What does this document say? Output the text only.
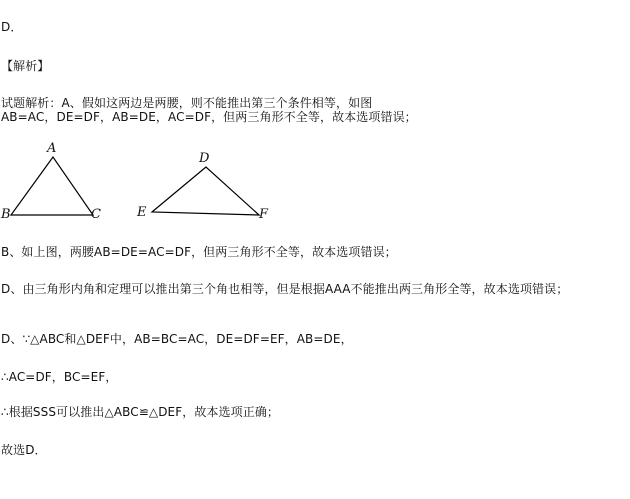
D．
【解析】
试题解析：A、假如这两边是两腰，则不能推出第三个条件相等，如图
AB=AC，DE=DF，AB=DE，AC=DF，但两三角形不全等，故本选项错误；
A
B	C
D
E	F
B、如上图，两腰AB=DE=AC=DF，但两三角形不全等，故本选项错误；
D、由三角形内角和定理可以推出第三个角也相等，但是根据AAA不能推出两三角形全等，故本选项错误；
D、∵△ABC和△DEF中，AB=BC=AC，DE=DF=EF，AB=DE，
∴AC=DF，BC=EF，
∴根据SSS可以推出△ABC≌△DEF，故本选项正确；
故选D．
